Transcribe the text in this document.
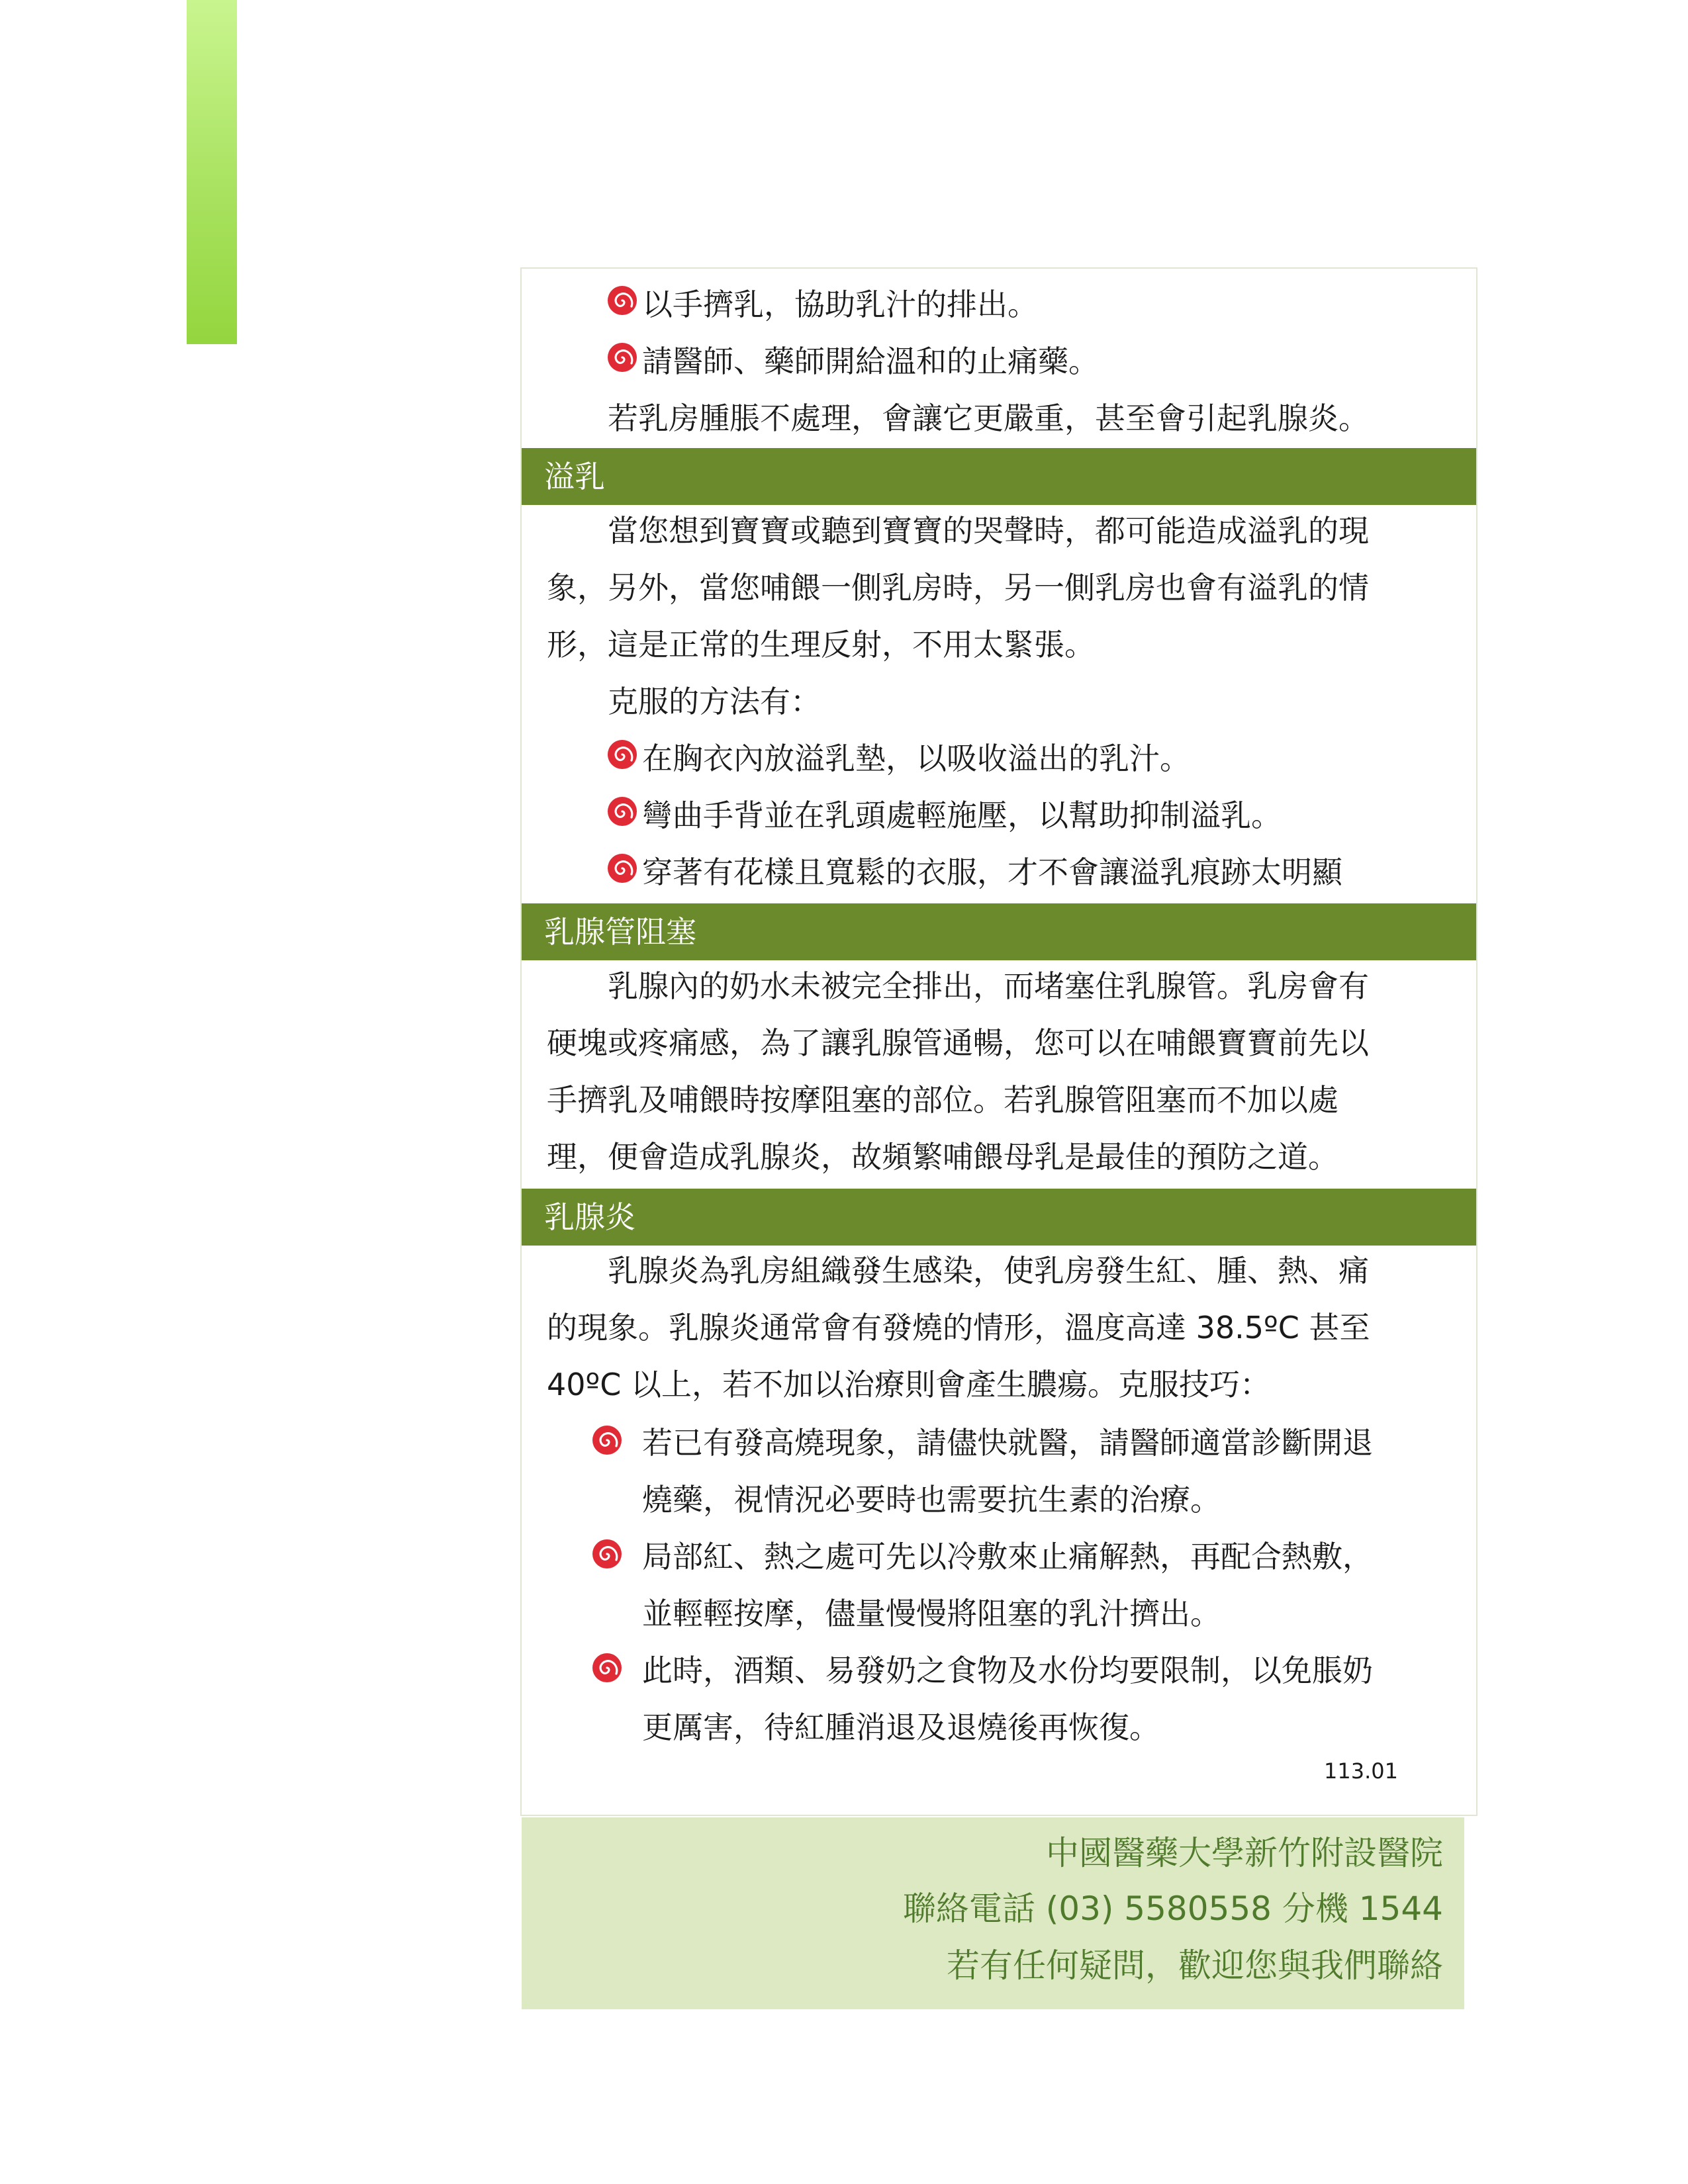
以手擠乳，協助乳汁的排出。
請醫師、藥師開給溫和的止痛藥。
若乳房腫脹不處理，會讓它更嚴重，甚至會引起乳腺炎。
溢乳
當您想到寶寶或聽到寶寶的哭聲時，都可能造成溢乳的現
象，另外，當您哺餵一側乳房時，另一側乳房也會有溢乳的情
形，這是正常的生理反射，不用太緊張。
克服的方法有：
在胸衣內放溢乳墊，以吸收溢出的乳汁。
彎曲手背並在乳頭處輕施壓，以幫助抑制溢乳。
穿著有花樣且寬鬆的衣服，才不會讓溢乳痕跡太明顯
乳腺管阻塞
乳腺內的奶水未被完全排出，而堵塞住乳腺管。乳房會有
硬塊或疼痛感，為了讓乳腺管通暢，您可以在哺餵寶寶前先以
手擠乳及哺餵時按摩阻塞的部位。若乳腺管阻塞而不加以處
理，便會造成乳腺炎，故頻繁哺餵母乳是最佳的預防之道。
乳腺炎
乳腺炎為乳房組織發生感染，使乳房發生紅、腫、熱、痛
的現象。乳腺炎通常會有發燒的情形，溫度高達 38.5ºC 甚至
40ºC 以上，若不加以治療則會產生膿瘍。克服技巧：
若已有發高燒現象，請儘快就醫，請醫師適當診斷開退
燒藥，視情況必要時也需要抗生素的治療。
局部紅、熱之處可先以冷敷來止痛解熱，再配合熱敷，
並輕輕按摩，儘量慢慢將阻塞的乳汁擠出。
此時，酒類、易發奶之食物及水份均要限制，以免脹奶
更厲害，待紅腫消退及退燒後再恢復。
113.01
中國醫藥大學新竹附設醫院
聯絡電話 (03) 5580558 分機 1544
若有任何疑問，歡迎您與我們聯絡
